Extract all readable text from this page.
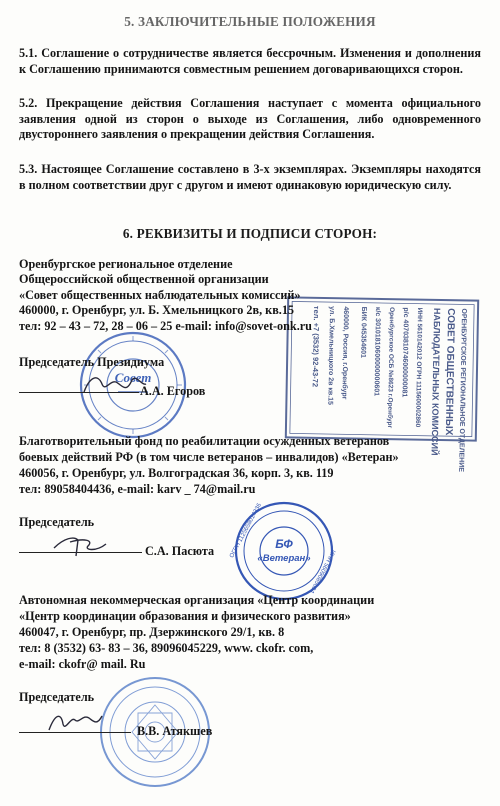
5. ЗАКЛЮЧИТЕЛЬНЫЕ ПОЛОЖЕНИЯ
5.1. Соглашение о сотрудничестве является бессрочным. Изменения и дополнения к Соглашению принимаются совместным решением договаривающихся сторон.
5.2. Прекращение действия Соглашения наступает с момента официального заявления одной из сторон о выходе из Соглашения, либо одновременного двустороннего заявления о прекращении действия Соглашения.
5.3. Настоящее Соглашение составлено в 3-х экземплярах. Экземпляры находятся в полном соответствии друг с другом и имеют одинаковую юридическую силу.
6. РЕКВИЗИТЫ И ПОДПИСИ СТОРОН:
ОРЕНБУРГСКОЕ РЕГИОНАЛЬНОЕ ОТДЕЛЕНИЕ
СОВЕТ ОБЩЕСТВЕННЫХ
НАБЛЮДАТЕЛЬНЫХ КОМИССИЙ
ИНН 5610142012 ОГРН 1115600002860
р/с 40703810746000000081
Оренбургское ОСБ №8623 г.Оренбург
к/с 30101810600000000601
БИК 045354601
460000, Россия, г.Оренбург
ул. Б.Хмельницкого 2в кв.15
тел. +7 (3532) 92-43-72
Оренбургское региональное отделение
Общероссийской общественной организации
«Совет общественных наблюдательных комиссий»
460000, г. Оренбург, ул. Б. Хмельницкого 2в, кв.15
тел: 92 – 43 – 72, 28 – 06 – 25 e-mail: info@sovet-onk.ru
Совет
Председатель Президиума
А.А. Егоров
Благотворительный фонд по реабилитации осужденных ветеранов
боевых действий РФ (в том числе ветеранов – инвалидов) «Ветеран»
460056, г. Оренбург, ул. Волгоградская 36, корп. 3, кв. 119
тел: 89058404436, e-mail: karv _ 74@mail.ru
Председатель
С.А. Пасюта ОГРН 1125658014336
ИНН 5609085084
БФ
«Ветеран»
Автономная некоммерческая организация «Центр координации
«Центр координации образования и физического развития»
460047, г. Оренбург, пр. Дзержинского 29/1, кв. 8
тел: 8 (3532) 63- 83 – 36, 89096045229, www. ckofr. com,
e-mail: ckofr@ mail. Ru
Председатель
В.В. Атякшев
